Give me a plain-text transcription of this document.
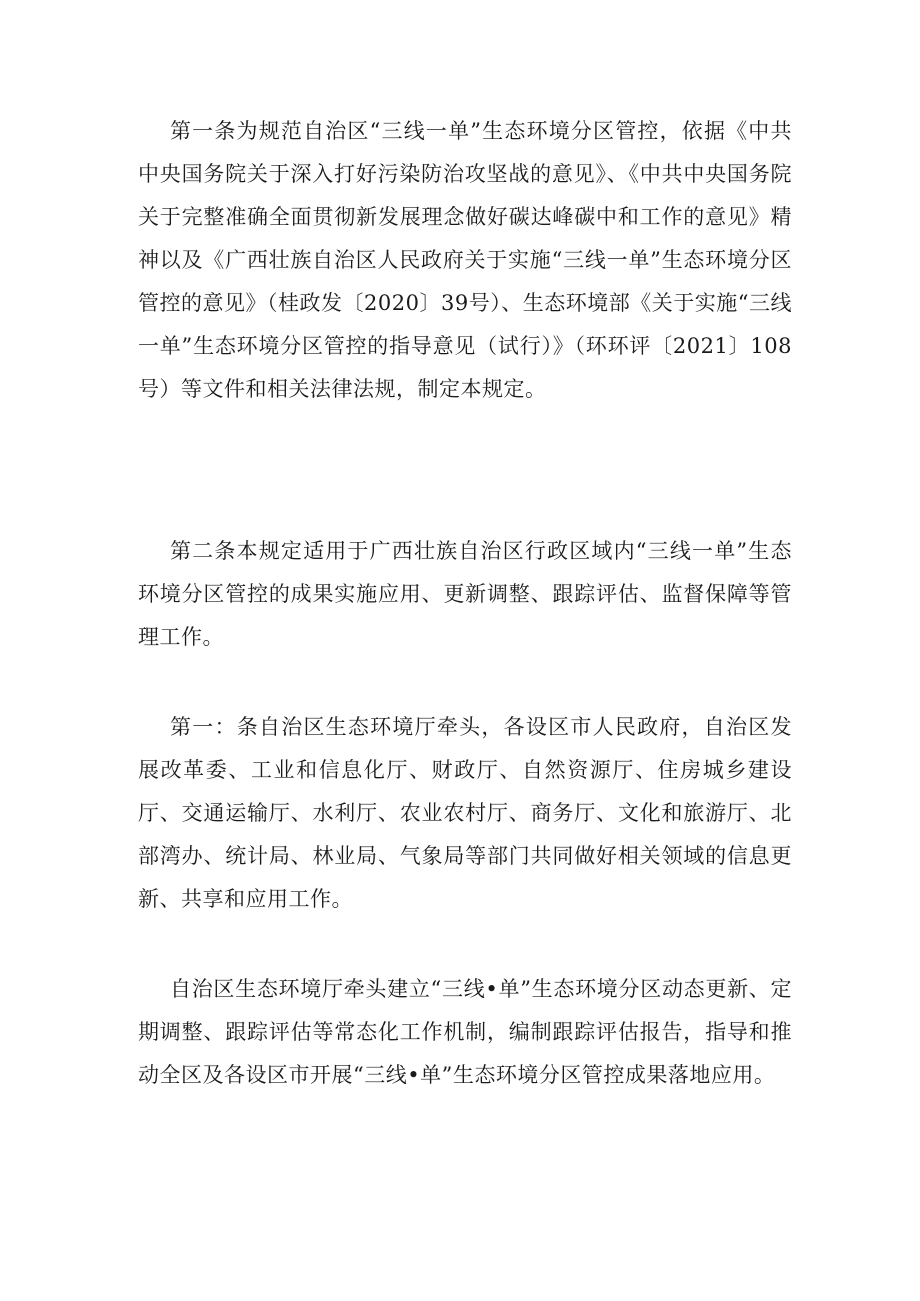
第一条为规范自治区“三线一单”生态环境分区管控，依据《中共中央国务院关于深入打好污染防治攻坚战的意见》、《中共中央国务院关于完整准确全面贯彻新发展理念做好碳达峰碳中和工作的意见》精神以及《广西壮族自治区人民政府关于实施“三线一单”生态环境分区管控的意见》（桂政发〔2020〕39号）、生态环境部《关于实施“三线一单”生态环境分区管控的指导意见（试行）》（环环评〔2021〕108号）等文件和相关法律法规，制定本规定。

第二条本规定适用于广西壮族自治区行政区域内“三线一单”生态环境分区管控的成果实施应用、更新调整、跟踪评估、监督保障等管理工作。

第一：条自治区生态环境厅牵头，各设区市人民政府，自治区发展改革委、工业和信息化厅、财政厅、自然资源厅、住房城乡建设厅、交通运输厅、水利厅、农业农村厅、商务厅、文化和旅游厅、北部湾办、统计局、林业局、气象局等部门共同做好相关领域的信息更新、共享和应用工作。

自治区生态环境厅牵头建立“三线•单”生态环境分区动态更新、定期调整、跟踪评估等常态化工作机制，编制跟踪评估报告，指导和推动全区及各设区市开展“三线•单”生态环境分区管控成果落地应用。
